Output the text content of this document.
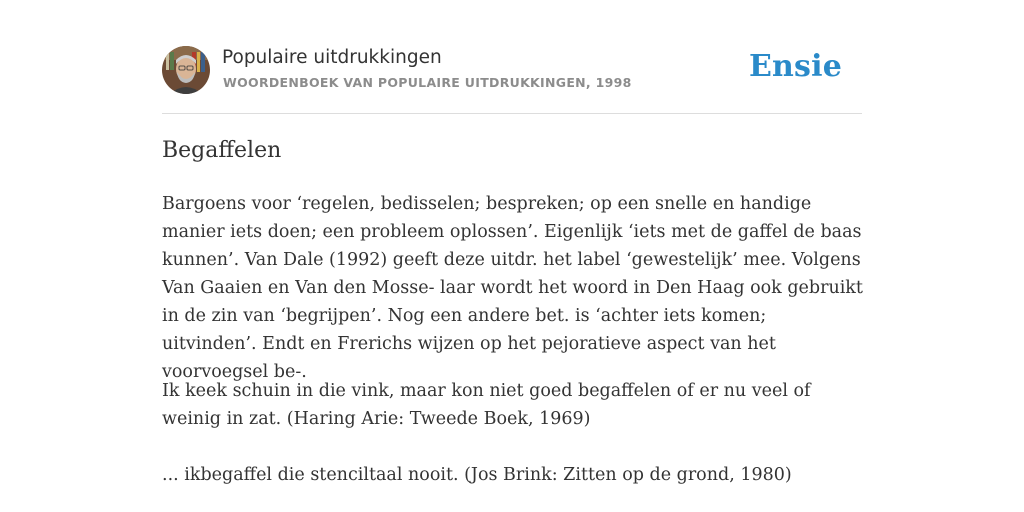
Populaire uitdrukkingen
WOORDENBOEK VAN POPULAIRE UITDRUKKINGEN, 1998	Ensie
Begaffelen
Bargoens voor ‘regelen, bedisselen; bespreken; op een snelle en handige manier iets doen; een probleem oplossen’. Eigenlijk ‘iets met de gaffel de baas kunnen’. Van Dale (1992) geeft deze uitdr. het label ‘gewestelijk’ mee. Volgens Van Gaaien en Van den Mosse- laar wordt het woord in Den Haag ook gebruikt in de zin van ‘begrijpen’. Nog een andere bet. is ‘achter iets komen; uitvinden’. Endt en Frerichs wijzen op het pejoratieve aspect van het voorvoegsel be-.
Ik keek schuin in die vink, maar kon niet goed begaffelen of er nu veel of weinig in zat. (Haring Arie: Tweede Boek, 1969)
... ikbegaffel die stenciltaal nooit. (Jos Brink: Zitten op de grond, 1980)
